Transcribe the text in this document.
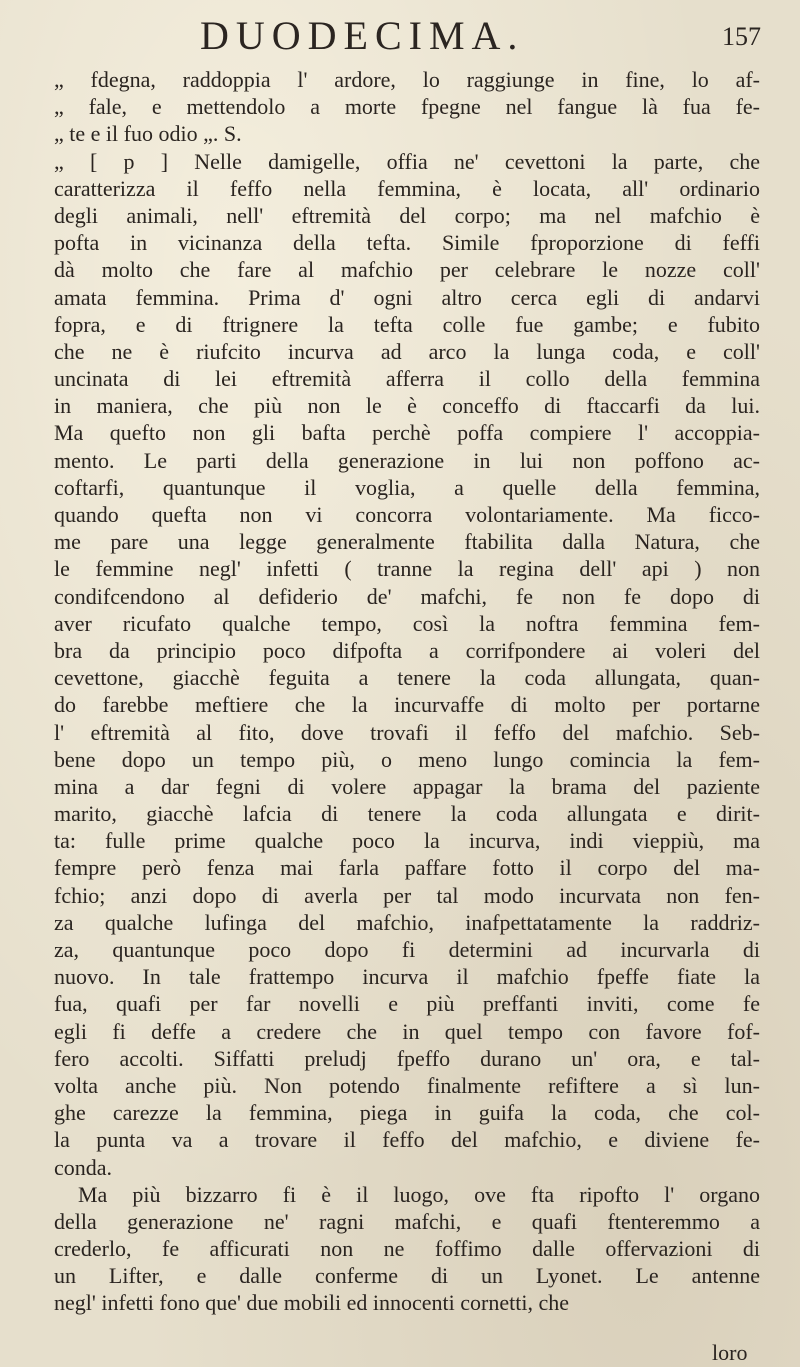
DUODECIMA.	157
„ fdegna, raddoppia l' ardore, lo raggiunge in fine, lo af-
„ fale, e mettendolo a morte fpegne nel fangue là fua fe-
„ te e il fuo odio „. S.
„ [ p ] Nelle damigelle, offia ne' cevettoni la parte, che
caratterizza il feffo nella femmina, è locata, all' ordinario
degli animali, nell' eftremità del corpo; ma nel mafchio è
pofta in vicinanza della tefta. Simile fproporzione di feffi
dà molto che fare al mafchio per celebrare le nozze coll'
amata femmina. Prima d' ogni altro cerca egli di andarvi
fopra, e di ftrignere la tefta colle fue gambe; e fubito
che ne è riufcito incurva ad arco la lunga coda, e coll'
uncinata di lei eftremità afferra il collo della femmina
in maniera, che più non le è conceffo di ftaccarfi da lui.
Ma quefto non gli bafta perchè poffa compiere l' accoppia-
mento. Le parti della generazione in lui non poffono ac-
coftarfi, quantunque il voglia, a quelle della femmina,
quando quefta non vi concorra volontariamente. Ma ficco-
me pare una legge generalmente ftabilita dalla Natura, che
le femmine negl' infetti ( tranne la regina dell' api ) non
condifcendono al defiderio de' mafchi, fe non fe dopo di
aver ricufato qualche tempo, così la noftra femmina fem-
bra da principio poco difpofta a corrifpondere ai voleri del
cevettone, giacchè feguita a tenere la coda allungata, quan-
do farebbe meftiere che la incurvaffe di molto per portarne
l' eftremità al fito, dove trovafi il feffo del mafchio. Seb-
bene dopo un tempo più, o meno lungo comincia la fem-
mina a dar fegni di volere appagar la brama del paziente
marito, giacchè lafcia di tenere la coda allungata e dirit-
ta: fulle prime qualche poco la incurva, indi vieppiù, ma
fempre però fenza mai farla paffare fotto il corpo del ma-
fchio; anzi dopo di averla per tal modo incurvata non fen-
za qualche lufinga del mafchio, inafpettatamente la raddriz-
za, quantunque poco dopo fi determini ad incurvarla di
nuovo. In tale frattempo incurva il mafchio fpeffe fiate la
fua, quafi per far novelli e più preffanti inviti, come fe
egli fi deffe a credere che in quel tempo con favore fof-
fero accolti. Siffatti preludj fpeffo durano un' ora, e tal-
volta anche più. Non potendo finalmente refiftere a sì lun-
ghe carezze la femmina, piega in guifa la coda, che col-
la punta va a trovare il feffo del mafchio, e diviene fe-
conda.
Ma più bizzarro fi è il luogo, ove fta ripofto l' organo
della generazione ne' ragni mafchi, e quafi ftenteremmo a
crederlo, fe afficurati non ne foffimo dalle offervazioni di
un Lifter, e dalle conferme di un Lyonet. Le antenne
negl' infetti fono que' due mobili ed innocenti cornetti, che
loro
